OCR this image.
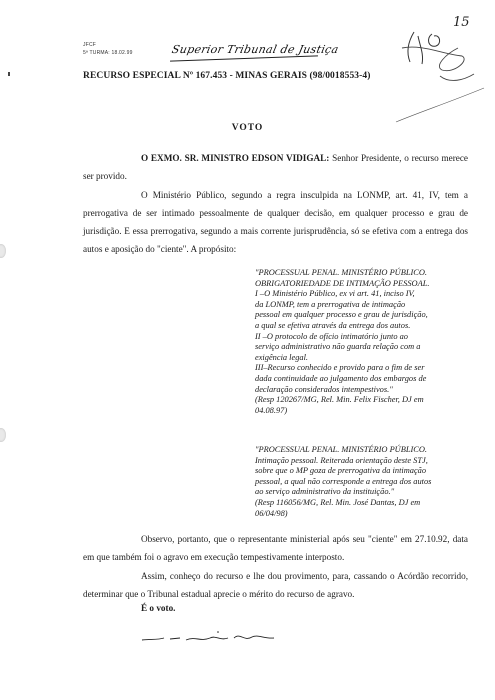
JFCF
5ª TURMA: 18.02.99	Superior Tribunal de Justiça
15
RECURSO ESPECIAL Nº 167.453 - MINAS GERAIS (98/0018553-4)
VOTO
O EXMO. SR. MINISTRO EDSON VIDIGAL: Senhor Presidente, o recurso merece ser provido.
O Ministério Público, segundo a regra insculpida na LONMP, art. 41, IV, tem a prerrogativa de ser intimado pessoalmente de qualquer decisão, em qualquer processo e grau de jurisdição. E essa prerrogativa, segundo a mais corrente jurisprudência, só se efetiva com a entrega dos autos e aposição do "ciente". A propósito:
"PROCESSUAL PENAL. MINISTÉRIO PÚBLICO.
OBRIGATORIEDADE DE INTIMAÇÃO PESSOAL.
I –O Ministério Público, ex vi art. 41, inciso IV,
da LONMP, tem a prerrogativa de intimação
pessoal em qualquer processo e grau de jurisdição,
a qual se efetiva através da entrega dos autos.
II –O protocolo de ofício intimatório junto ao
serviço administrativo não guarda relação com a
exigência legal.
III–Recurso conhecido e provido para o fim de ser
dada continuidade ao julgamento dos embargos de
declaração considerados intempestivos."
(Resp 120267/MG, Rel. Min. Felix Fischer, DJ em
04.08.97)
"PROCESSUAL PENAL. MINISTÉRIO PÚBLICO.
Intimação pessoal. Reiterada orientação deste STJ,
sobre que o MP goza de prerrogativa da intimação
pessoal, a qual não corresponde a entrega dos autos
ao serviço administrativo da instituição."
(Resp 116056/MG, Rel. Min. José Dantas, DJ em
06/04/98)
Observo, portanto, que o representante ministerial após seu "ciente" em 27.10.92, data em que também foi o agravo em execução tempestivamente interposto.
Assim, conheço do recurso e lhe dou provimento, para, cassando o Acórdão recorrido, determinar que o Tribunal estadual aprecie o mérito do recurso de agravo.
É o voto.
